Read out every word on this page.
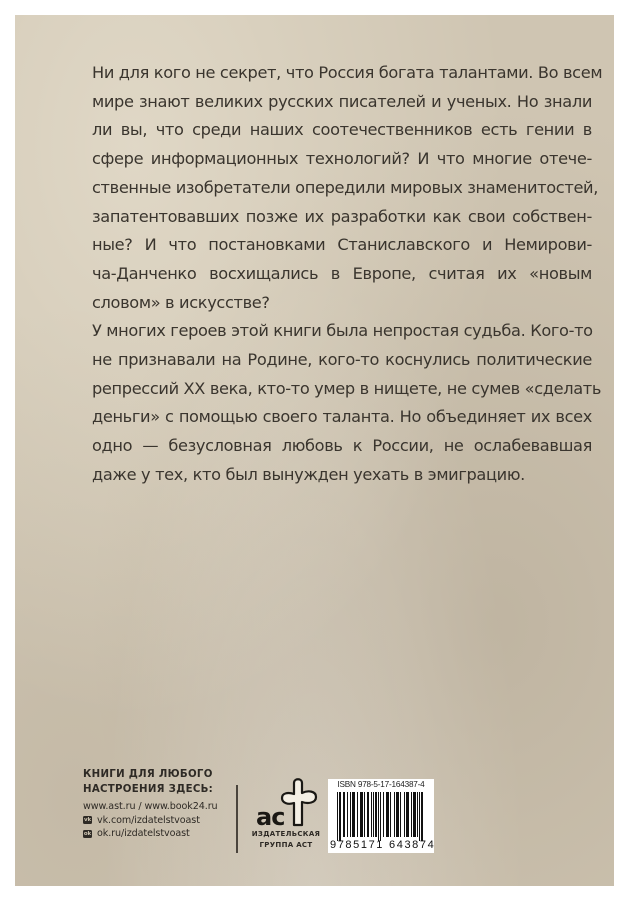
Ни для кого не секрет, что Россия богата талантами. Во всем
мире знают великих русских писателей и ученых. Но знали
ли вы, что среди наших соотечественников есть гении в
сфере информационных технологий? И что многие отече-
ственные изобретатели опередили мировых знаменитостей,
запатентовавших позже их разработки как свои собствен-
ные? И что постановками Станиславского и Немирови-
ча-Данченко восхищались в Европе, считая их «новым
словом» в искусстве?

У многих героев этой книги была непростая судьба. Кого-то
не признавали на Родине, кого-то коснулись политические
репрессий XX века, кто-то умер в нищете, не сумев «сделать
деньги» с помощью своего таланта. Но объединяет их всех
одно — безусловная любовь к России, не ослабевавшая
даже у тех, кто был вынужден уехать в эмиграцию.

КНИГИ ДЛЯ ЛЮБОГО
НАСТРОЕНИЯ ЗДЕСЬ:
www.ast.ru / www.book24.ru
vk vk.com/izdatelstvoast
ok ok.ru/izdatelstvoast
ac
ИЗДАТЕЛЬСКАЯ
ГРУППА АСТ
ISBN 978-5-17-164387-4
9 785171 643874
